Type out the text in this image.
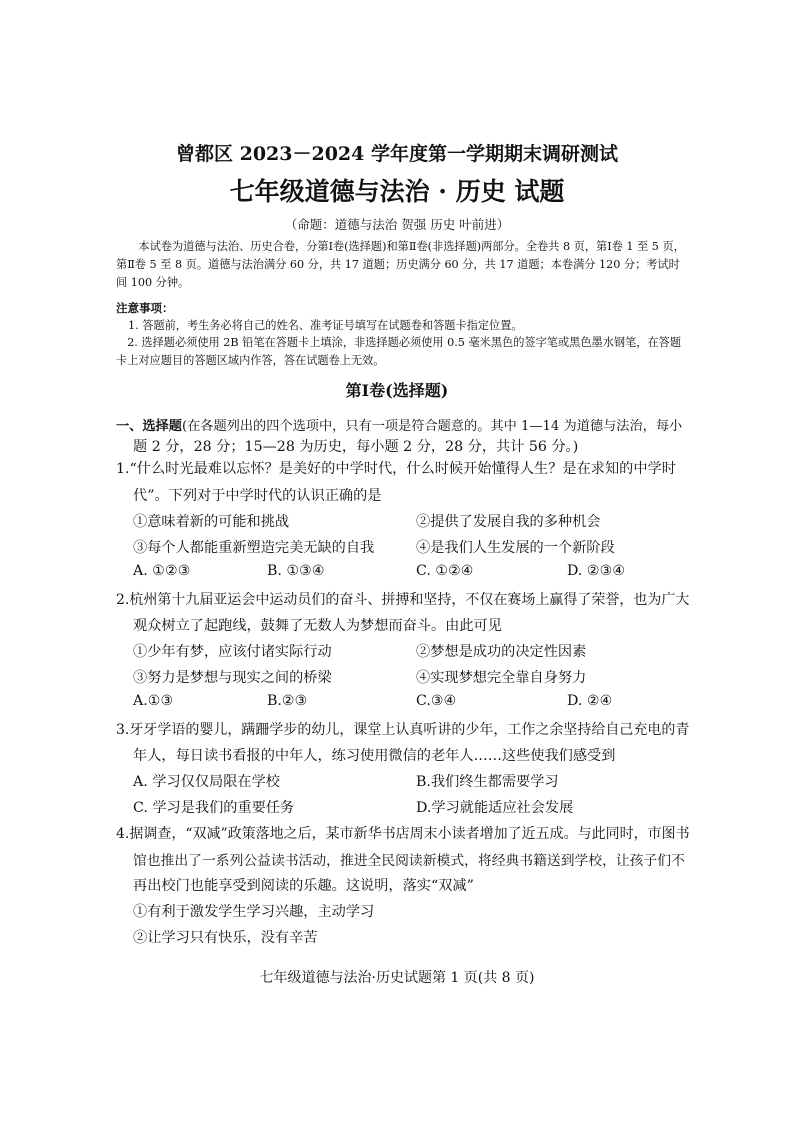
曾都区 2023－2024 学年度第一学期期末调研测试
七年级道德与法治 · 历史 试题
（命题：道德与法治 贺强 历史 叶前进）
本试卷为道德与法治、历史合卷，分第Ⅰ卷(选择题)和第Ⅱ卷(非选择题)两部分。全卷共 8 页，第Ⅰ卷 1 至 5 页，第Ⅱ卷 5 至 8 页。道德与法治满分 60 分，共 17 道题；历史满分 60 分，共 17 道题；本卷满分 120 分；考试时间 100 分钟。
注意事项：
1. 答题前，考生务必将自己的姓名、准考证号填写在试题卷和答题卡指定位置。
2. 选择题必须使用 2B 铅笔在答题卡上填涂，非选择题必须使用 0.5 毫米黑色的签字笔或黑色墨水钢笔，在答题卡上对应题目的答题区域内作答，答在试题卷上无效。
第Ⅰ卷(选择题)
一、选择题(在各题列出的四个选项中，只有一项是符合题意的。其中 1—14 为道德与法治，每小
题 2 分，28 分；15—28 为历史，每小题 2 分，28 分，共计 56 分。)
1.“什么时光最难以忘怀？是美好的中学时代，什么时候开始懂得人生？是在求知的中学时
代”。下列对于中学时代的认识正确的是
①意味着新的可能和挑战	②提供了发展自我的多种机会
③每个人都能重新塑造完美无缺的自我	④是我们人生发展的一个新阶段
A. ①②③	B. ①③④	C. ①②④	D. ②③④
2.杭州第十九届亚运会中运动员们的奋斗、拼搏和坚持，不仅在赛场上赢得了荣誉，也为广大
观众树立了起跑线，鼓舞了无数人为梦想而奋斗。由此可见
①少年有梦，应该付诸实际行动	②梦想是成功的决定性因素
③努力是梦想与现实之间的桥梁	④实现梦想完全靠自身努力
A.①③	B.②③	C.③④	D. ②④
3.牙牙学语的婴儿，蹒跚学步的幼儿，课堂上认真听讲的少年，工作之余坚持给自己充电的青
年人，每日读书看报的中年人，练习使用微信的老年人……这些使我们感受到
A. 学习仅仅局限在学校	B.我们终生都需要学习
C. 学习是我们的重要任务	D.学习就能适应社会发展
4.据调查，“双减”政策落地之后，某市新华书店周末小读者增加了近五成。与此同时，市图书
馆也推出了一系列公益读书活动，推进全民阅读新模式，将经典书籍送到学校，让孩子们不
再出校门也能享受到阅读的乐趣。这说明，落实“双减”
①有利于激发学生学习兴趣，主动学习
②让学习只有快乐，没有辛苦
七年级道德与法治·历史试题第 1 页(共 8 页)
